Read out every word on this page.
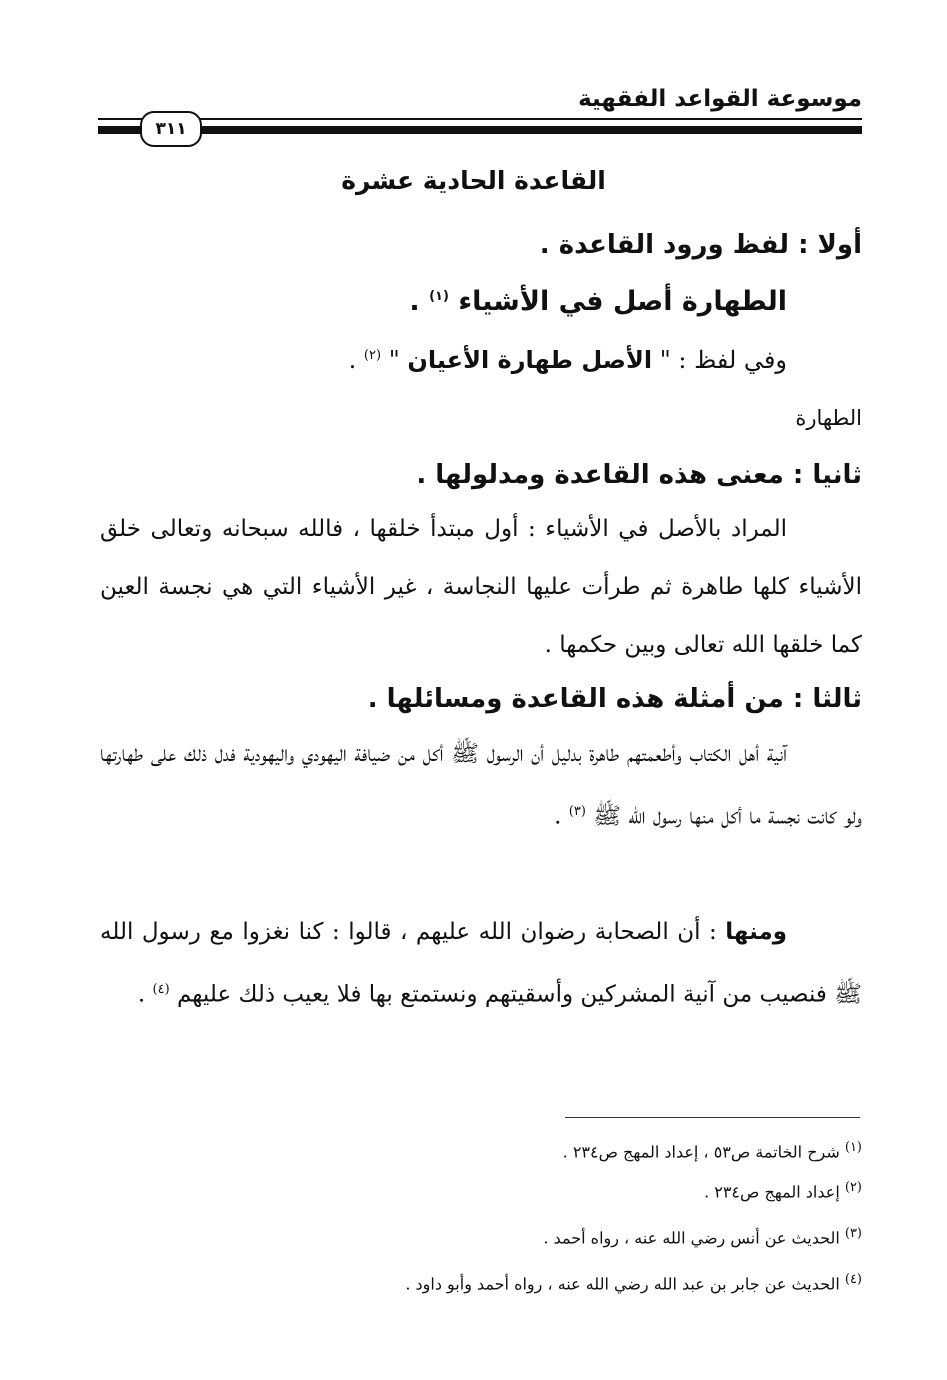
موسوعة القواعد الفقهية
٣١١
القاعدة الحادية عشرة
أولا : لفظ ورود القاعدة .
الطهارة أصل في الأشياء $^{(١)}$ .
وفي لفظ : " الأصل طهارة الأعيان " $^{(٢)}$ .
الطهارة
ثانيا : معنى هذه القاعدة ومدلولها .
المراد بالأصل في الأشياء : أول مبتدأ خلقها ، فالله سبحانه وتعالى خلق الأشياء كلها طاهرة ثم طرأت عليها النجاسة ، غير الأشياء التي هي نجسة العين كما خلقها الله تعالى وبين حكمها .
ثالثا : من أمثلة هذه القاعدة ومسائلها .
آنية أهل الكتاب وأطعمتهم طاهرة بدليل أن الرسول ﷺ أكل من ضيافة اليهودي واليهودية فدل ذلك على طهارتها ولو كانت نجسة ما أكل منها رسول الله ﷺ $^{(٣)}$ .
ومنها : أن الصحابة رضوان الله عليهم ، قالوا : كنا نغزوا مع رسول الله ﷺ فنصيب من آنية المشركين وأسقيتهم ونستمتع بها فلا يعيب ذلك عليهم $^{(٤)}$ .
$^{(١)}$ شرح الخاتمة ص٥٣ ، إعداد المهج ص٢٣٤ .
$^{(٢)}$ إعداد المهج ص٢٣٤ .
$^{(٣)}$ الحديث عن أنس رضي الله عنه ، رواه أحمد .
$^{(٤)}$ الحديث عن جابر بن عبد الله رضي الله عنه ، رواه أحمد وأبو داود .
